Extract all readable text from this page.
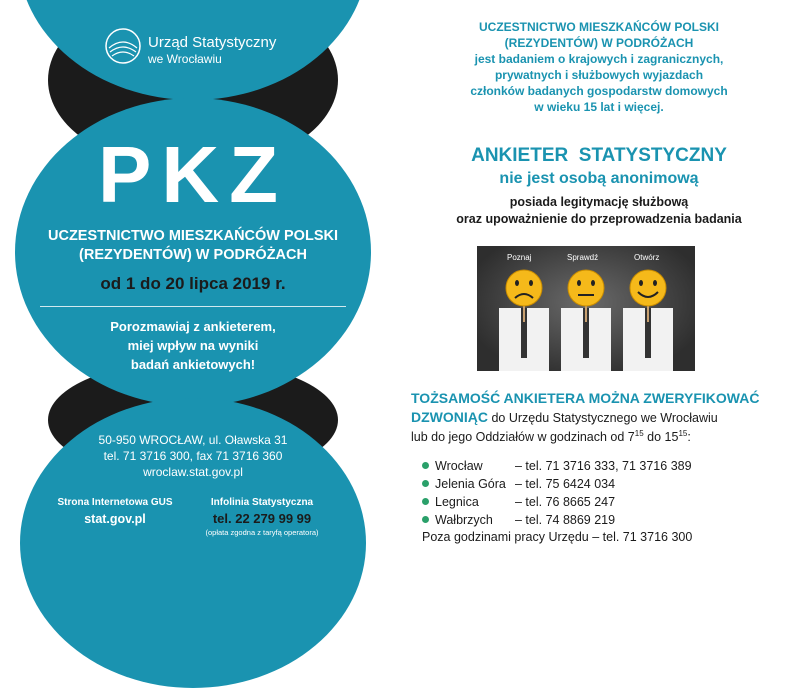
Urząd Statystyczny
we Wrocławiu
PKZ
UCZESTNICTWO MIESZKAŃCÓW POLSKI
(REZYDENTÓW) W PODRÓŻACH
od 1 do 20 lipca 2019 r.
Porozmawiaj z ankieterem,
miej wpływ na wyniki
badań ankietowych!
50-950 WROCŁAW, ul. Oławska 31
tel. 71 3716 300, fax 71 3716 360
wroclaw.stat.gov.pl
Strona Internetowa GUS
stat.gov.pl
Infolinia Statystyczna
tel. 22 279 99 99
(opłata zgodna z taryfą operatora)
UCZESTNICTWO MIESZKAŃCÓW POLSKI
(REZYDENTÓW) W PODRÓŻACH
jest badaniem o krajowych i zagranicznych,
prywatnych i służbowych wyjazdach
członków badanych gospodarstw domowych
w wieku 15 lat i więcej.
ANKIETER  STATYSTYCZNY
nie jest osobą anonimową
posiada legitymację służbową
oraz upoważnienie do przeprowadzenia badania
Poznaj	Sprawdź	Otwórz
TOŻSAMOŚĆ ANKIETERA MOŻNA ZWERYFIKOWAĆ
DZWONIĄC do Urzędu Statystycznego we Wrocławiu
lub do jego Oddziałów w godzinach od $7^{15}$ do $15^{15}$:
Wrocław	– tel. 71 3716 333, 71 3716 389
Jelenia Góra – tel. 75 6424 034
Legnica	– tel. 76 8665 247
Wałbrzych – tel. 74 8869 219
Poza godzinami pracy Urzędu – tel. 71 3716 300
